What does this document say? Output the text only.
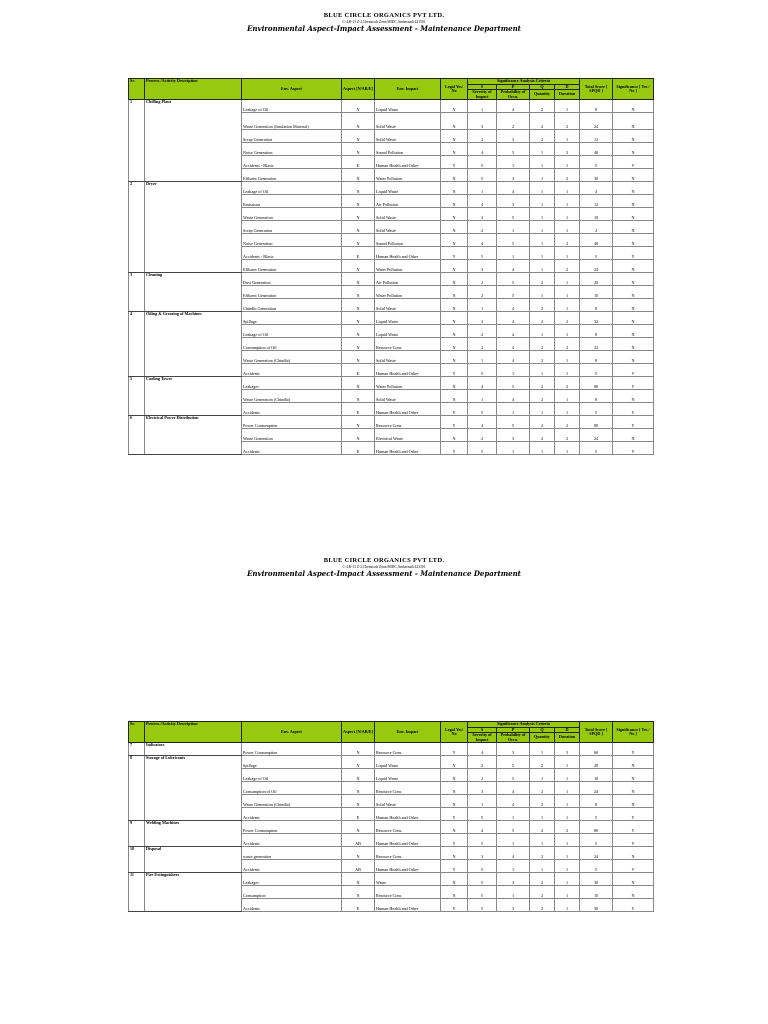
BLUE CIRCLE ORGANICS PVT LTD.
C-4,B-13 Z-2,Chemicals Zone,MIDC,Ambernath 421501
Environmental Aspect-Impact Assessment - Maintenance Department
Sr.	Process /Activity Description	Env. Aspect	Aspect [N/AB/E]	Env. Impact	Legal Yes/ No	Significance Analysis Criteria				Total Score [ SPQD ]	Significance [ Yes / No ]
						S	P	Q	D		
						Severity of Impact	Probability of Occu.	Quantity	Duration		
1	Chilling Plant	Leakage of Oil	N	Liquid Waste	N	1	4	2	1	8	N
		Waste Generation (Insulation Material)	N	Solid Waste	N	3	2	2	2	24	N
		Scrap Generation	N	Solid Waste	N	2	3	2	1	12	N
		Noise Generation	N	Sound Pollution	N	4	5	1	2	40	N
		Accidents - Blasts	E	Human Health and Other	Y	5	1	1	1	5	Y
		Effluent Generation	N	Water Pollution	N	5	3	1	2	30	N
2	Dryer	Leakage of Oil	N	Liquid Waste	N	1	4	1	1	4	N
		Emissions	N	Air Pollution	N	4	3	1	1	12	N
		Waste Generation	N	Solid Waste	N	2	5	1	1	10	N
		Scrap Generation	N	Solid Waste	N	2	1	1	1	2	N
		Noise Generation	N	Sound Pollution	N	4	5	1	2	40	N
		Accidents - Blasts	E	Human Health and Other	Y	5	1	1	1	5	Y
		Effluent Generation	N	Water Pollution	N	3	4	1	2	24	N
3	Cleaning	Dust Generation	N	Air Pollution	N	2	5	2	1	20	N
		Effluent Generation	N	Water Pollution	N	2	5	1	1	10	N
		Chindhi Generation	N	Solid Waste	N	1	4	2	1	8	N
4	Oiling & Greasing of Machines	Spillage	N	Liquid Waste	N	2	4	2	2	32	N
		Leakage of Oil	N	Liquid Waste	N	2	4	1	1	8	N
		Consumption of Oil	N	Resource Cons.	N	2	4	2	2	32	N
		Waste Generation (Chindhi)	N	Solid Waste	N	1	4	2	1	8	N
		Accidents	E	Human Health and Other	Y	5	1	1	1	5	Y
5	Cooling Tower	Leakages	N	Water Pollution	N	4	5	2	2	80	Y
		Waste Generation (Chindhi)	N	Solid Waste	N	1	4	2	1	8	N
		Accidents	E	Human Health and Other	Y	5	1	1	1	5	Y
6	Electrical Power Distribution	Power Consumption	N	Resource Cons.	Y	4	5	2	2	80	Y
		Waste Generation	N	Electrical Waste	N	2	3	2	2	24	N
		Accidents	E	Human Health and Other	Y	5	1	1	1	5	Y
BLUE CIRCLE ORGANICS PVT LTD.
C-4,B-13 Z-2,Chemicals Zone,MIDC,Ambernath 421501
Environmental Aspect-Impact Assessment - Maintenance Department
Sr.	Process /Activity Description	Env. Aspect	Aspect [N/AB/E]	Env. Impact	Legal Yes/ No	Significance Analysis Criteria				Total Score [ SPQD ]	Significance [ Yes / No ]
						S	P	Q	D		
						Severity of Impact	Probability of Occu.	Quantity	Duration		
7	Indicators	Power Consumption	N	Resource Cons.	Y	4	3	1	5	60	Y
8	Storage of Lubricants	Spillage	N	Liquid Waste	N	2	5	2	1	20	N
		Leakage of Oil	N	Liquid Waste	N	2	5	1	1	10	N
		Consumption of Oil	N	Resource Cons.	N	3	4	2	1	24	N
		Waste Generation (Chindhi)	N	Solid Waste	N	1	4	2	1	8	N
		Accidents	E	Human Health and Other	Y	5	1	1	1	5	Y
9	Welding Machines	Power Consumption	N	Resource Cons.	N	4	5	2	2	80	Y
		Accidents	AB	Human Health and Other	Y	5	1	1	1	5	Y
10	Disposal	waste generation	N	Resource Cons.	N	3	4	2	1	24	N
		Accidents	AB	Human Health and Other	Y	5	1	1	1	5	Y
11	Fire Extinguishers	Leakages	N	Waste	N	5	3	2	1	30	N
		Consumption	N	Resource Cons.	N	5	1	2	1	10	N
		Accidents	E	Human Health and Other	Y	5	3	2	1	30	Y
